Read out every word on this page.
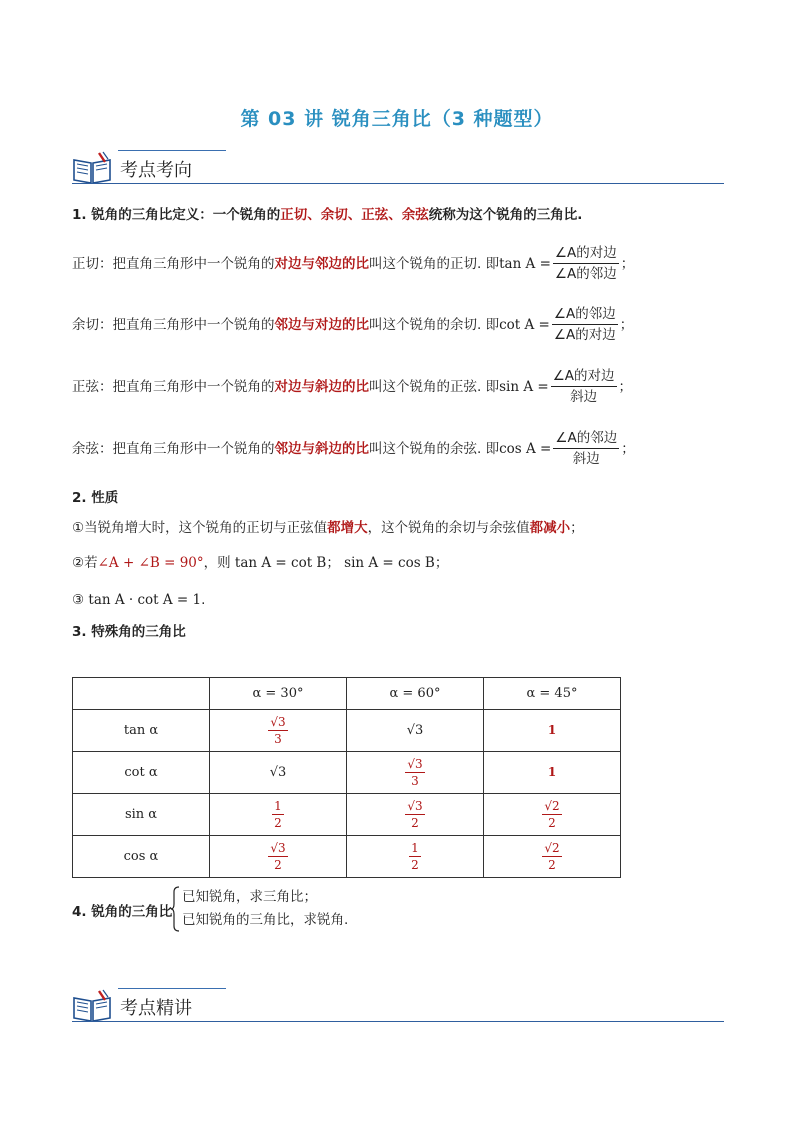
第 03 讲 锐角三角比（3 种题型）
考点考向
1. 锐角的三角比定义：一个锐角的正切、余切、正弦、余弦统称为这个锐角的三角比.
正切 ：把直角三角形中一个锐角的 对边与邻边的比 叫这个锐角的正切. 即 $\tan A = \frac{\text{∠A的对边}}{\text{∠A的邻边}}$ ；
余切 ：把直角三角形中一个锐角的 邻边与对边的比 叫这个锐角的余切. 即 $\cot A = \frac{\text{∠A的邻边}}{\text{∠A的对边}}$ ；
正弦 ：把直角三角形中一个锐角的 对边与斜边的比 叫这个锐角的正弦. 即 $\sin A = \frac{\text{∠A的对边}}{\text{斜边}}$ ；
余弦 ：把直角三角形中一个锐角的 邻边与斜边的比 叫这个锐角的余弦. 即 $\cos A = \frac{\text{∠A的邻边}}{\text{斜边}}$ ；
2. 性质
①当锐角增大时，这个锐角的正切与正弦值都增大，这个锐角的余切与余弦值都减小；
②若∠A + ∠B = 90°，则 tan A = cot B； sin A = cos B；
③ tan A · cot A = 1.
3. 特殊角的三角比
	α = 30°	α = 60°	α = 45°
tan α	$\frac{√3}{3}$	√3	1
cot α	√3	$\frac{√3}{3}$	1
sin α	$\frac{1}{2}$	$\frac{√3}{2}$	$\frac{√2}{2}$

cos α	$\frac{√3}{2}$	$\frac{1}{2}$	$\frac{√2}{2}$
4. 锐角的三角比
已知锐角，求三角比；
已知锐角的三角比，求锐角.
考点精讲
